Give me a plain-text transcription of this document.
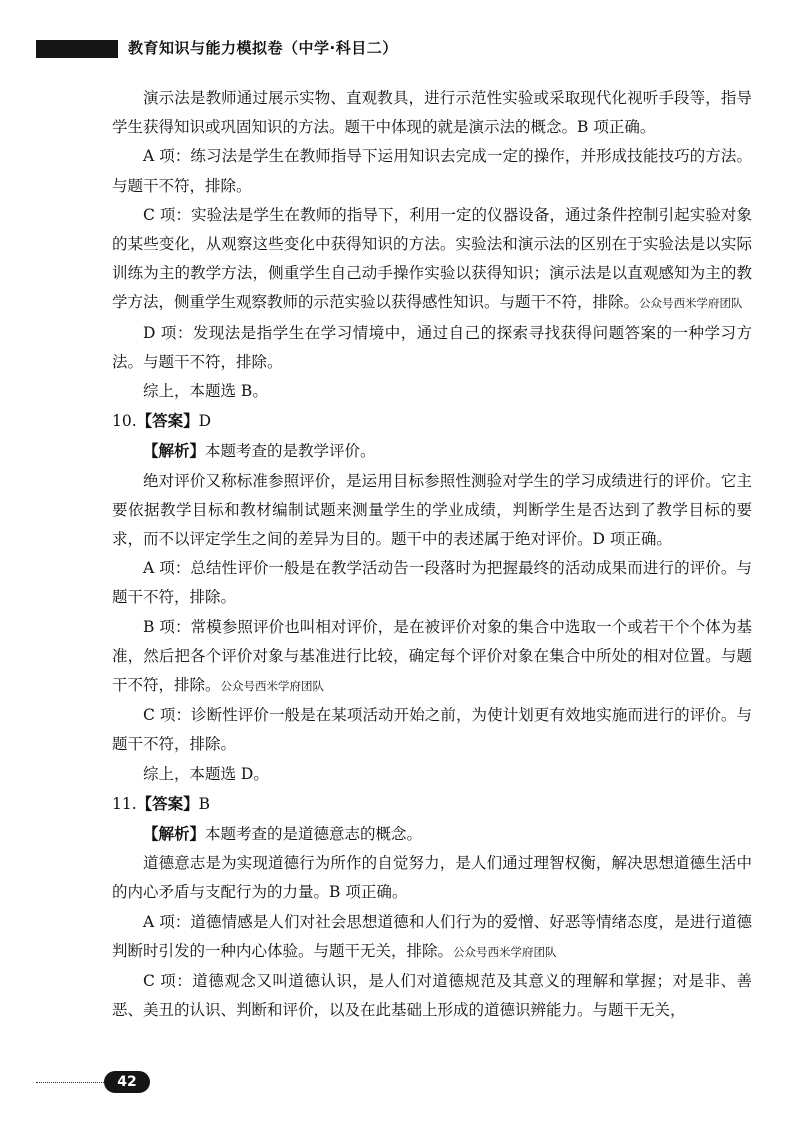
教育知识与能力模拟卷（中学·科目二）

演示法是教师通过展示实物、直观教具，进行示范性实验或采取现代化视听手段等，指导学生获得知识或巩固知识的方法。题干中体现的就是演示法的概念。B 项正确。

A 项：练习法是学生在教师指导下运用知识去完成一定的操作，并形成技能技巧的方法。与题干不符，排除。

C 项：实验法是学生在教师的指导下，利用一定的仪器设备，通过条件控制引起实验对象的某些变化，从观察这些变化中获得知识的方法。实验法和演示法的区别在于实验法是以实际训练为主的教学方法，侧重学生自己动手操作实验以获得知识；演示法是以直观感知为主的教学方法，侧重学生观察教师的示范实验以获得感性知识。与题干不符，排除。公众号西米学府团队

D 项：发现法是指学生在学习情境中，通过自己的探索寻找获得问题答案的一种学习方法。与题干不符，排除。

综上，本题选 B。

10.【答案】D

【解析】本题考查的是教学评价。

绝对评价又称标准参照评价，是运用目标参照性测验对学生的学习成绩进行的评价。它主要依据教学目标和教材编制试题来测量学生的学业成绩，判断学生是否达到了教学目标的要求，而不以评定学生之间的差异为目的。题干中的表述属于绝对评价。D 项正确。

A 项：总结性评价一般是在教学活动告一段落时为把握最终的活动成果而进行的评价。与题干不符，排除。

B 项：常模参照评价也叫相对评价，是在被评价对象的集合中选取一个或若干个个体为基准，然后把各个评价对象与基准进行比较，确定每个评价对象在集合中所处的相对位置。与题干不符，排除。公众号西米学府团队

C 项：诊断性评价一般是在某项活动开始之前，为使计划更有效地实施而进行的评价。与题干不符，排除。

综上，本题选 D。

11.【答案】B

【解析】本题考查的是道德意志的概念。

道德意志是为实现道德行为所作的自觉努力，是人们通过理智权衡，解决思想道德生活中的内心矛盾与支配行为的力量。B 项正确。

A 项：道德情感是人们对社会思想道德和人们行为的爱憎、好恶等情绪态度，是进行道德判断时引发的一种内心体验。与题干无关，排除。公众号西米学府团队

C 项：道德观念又叫道德认识，是人们对道德规范及其意义的理解和掌握；对是非、善恶、美丑的认识、判断和评价，以及在此基础上形成的道德识辨能力。与题干无关，

42
